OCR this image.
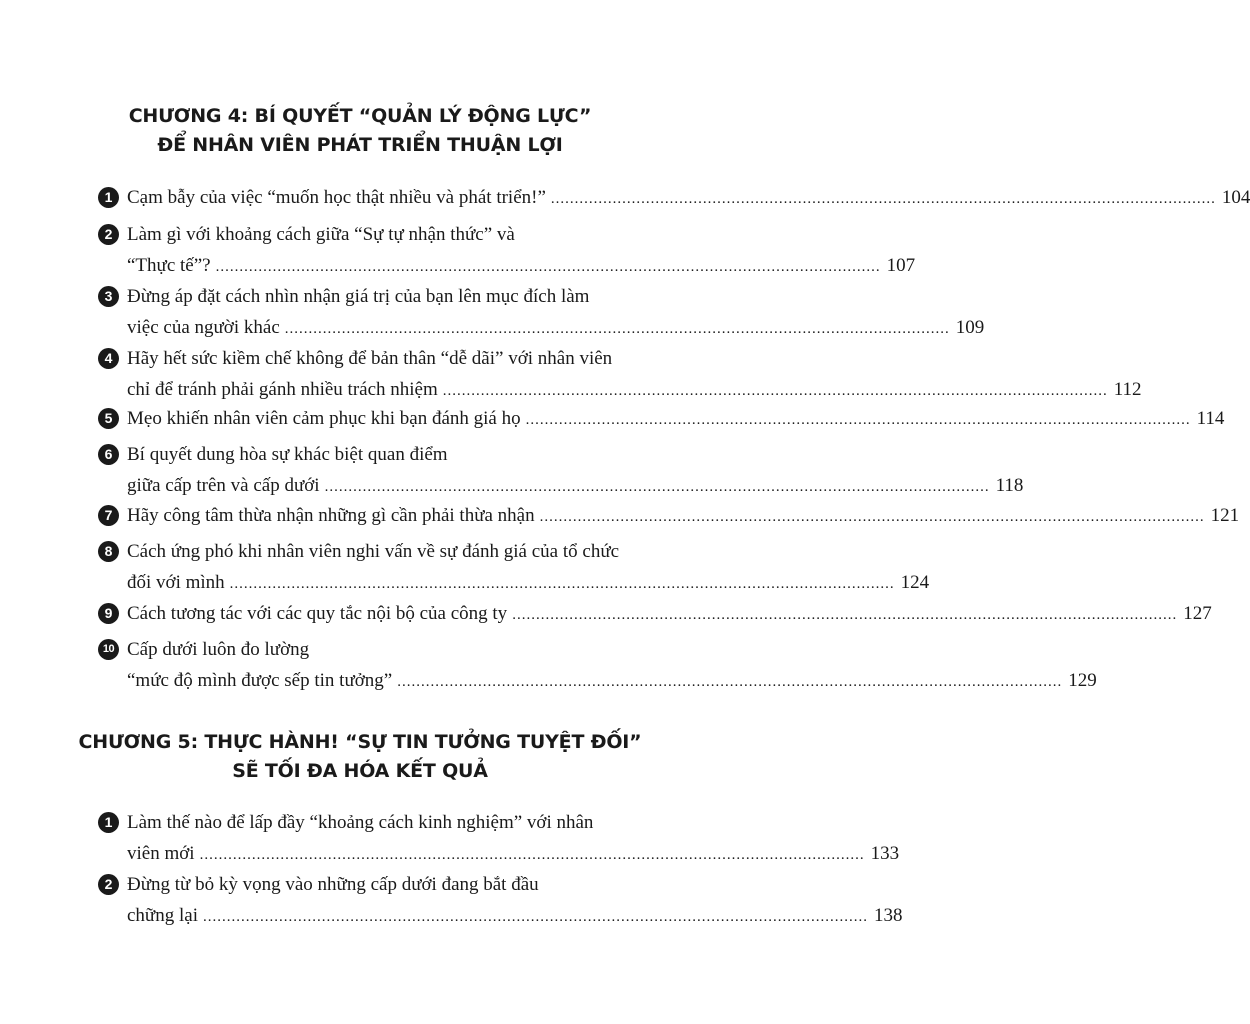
CHƯƠNG 4: BÍ QUYẾT “QUẢN LÝ ĐỘNG LỰC”
ĐỂ NHÂN VIÊN PHÁT TRIỂN THUẬN LỢI
1 Cạm bẫy của việc “muốn học thật nhiều và phát triển!” ............................................................................................................................................ 104
2 Làm gì với khoảng cách giữa “Sự tự nhận thức” và
“Thực tế”? ............................................................................................................................................ 107
3 Đừng áp đặt cách nhìn nhận giá trị của bạn lên mục đích làm
việc của người khác ............................................................................................................................................ 109
4 Hãy hết sức kiềm chế không để bản thân “dễ dãi” với nhân viên
chỉ để tránh phải gánh nhiều trách nhiệm ............................................................................................................................................ 112
5 Mẹo khiến nhân viên cảm phục khi bạn đánh giá họ ............................................................................................................................................ 114
6 Bí quyết dung hòa sự khác biệt quan điểm
giữa cấp trên và cấp dưới ............................................................................................................................................ 118
7 Hãy công tâm thừa nhận những gì cần phải thừa nhận ............................................................................................................................................ 121
8 Cách ứng phó khi nhân viên nghi vấn về sự đánh giá của tổ chức
đối với mình ............................................................................................................................................ 124
9 Cách tương tác với các quy tắc nội bộ của công ty ............................................................................................................................................ 127
10 Cấp dưới luôn đo lường
“mức độ mình được sếp tin tưởng” ............................................................................................................................................ 129
CHƯƠNG 5: THỰC HÀNH! “SỰ TIN TƯỞNG TUYỆT ĐỐI”
SẼ TỐI ĐA HÓA KẾT QUẢ
1 Làm thế nào để lấp đầy “khoảng cách kinh nghiệm” với nhân
viên mới ............................................................................................................................................ 133
2 Đừng từ bỏ kỳ vọng vào những cấp dưới đang bắt đầu
chững lại ............................................................................................................................................ 138
